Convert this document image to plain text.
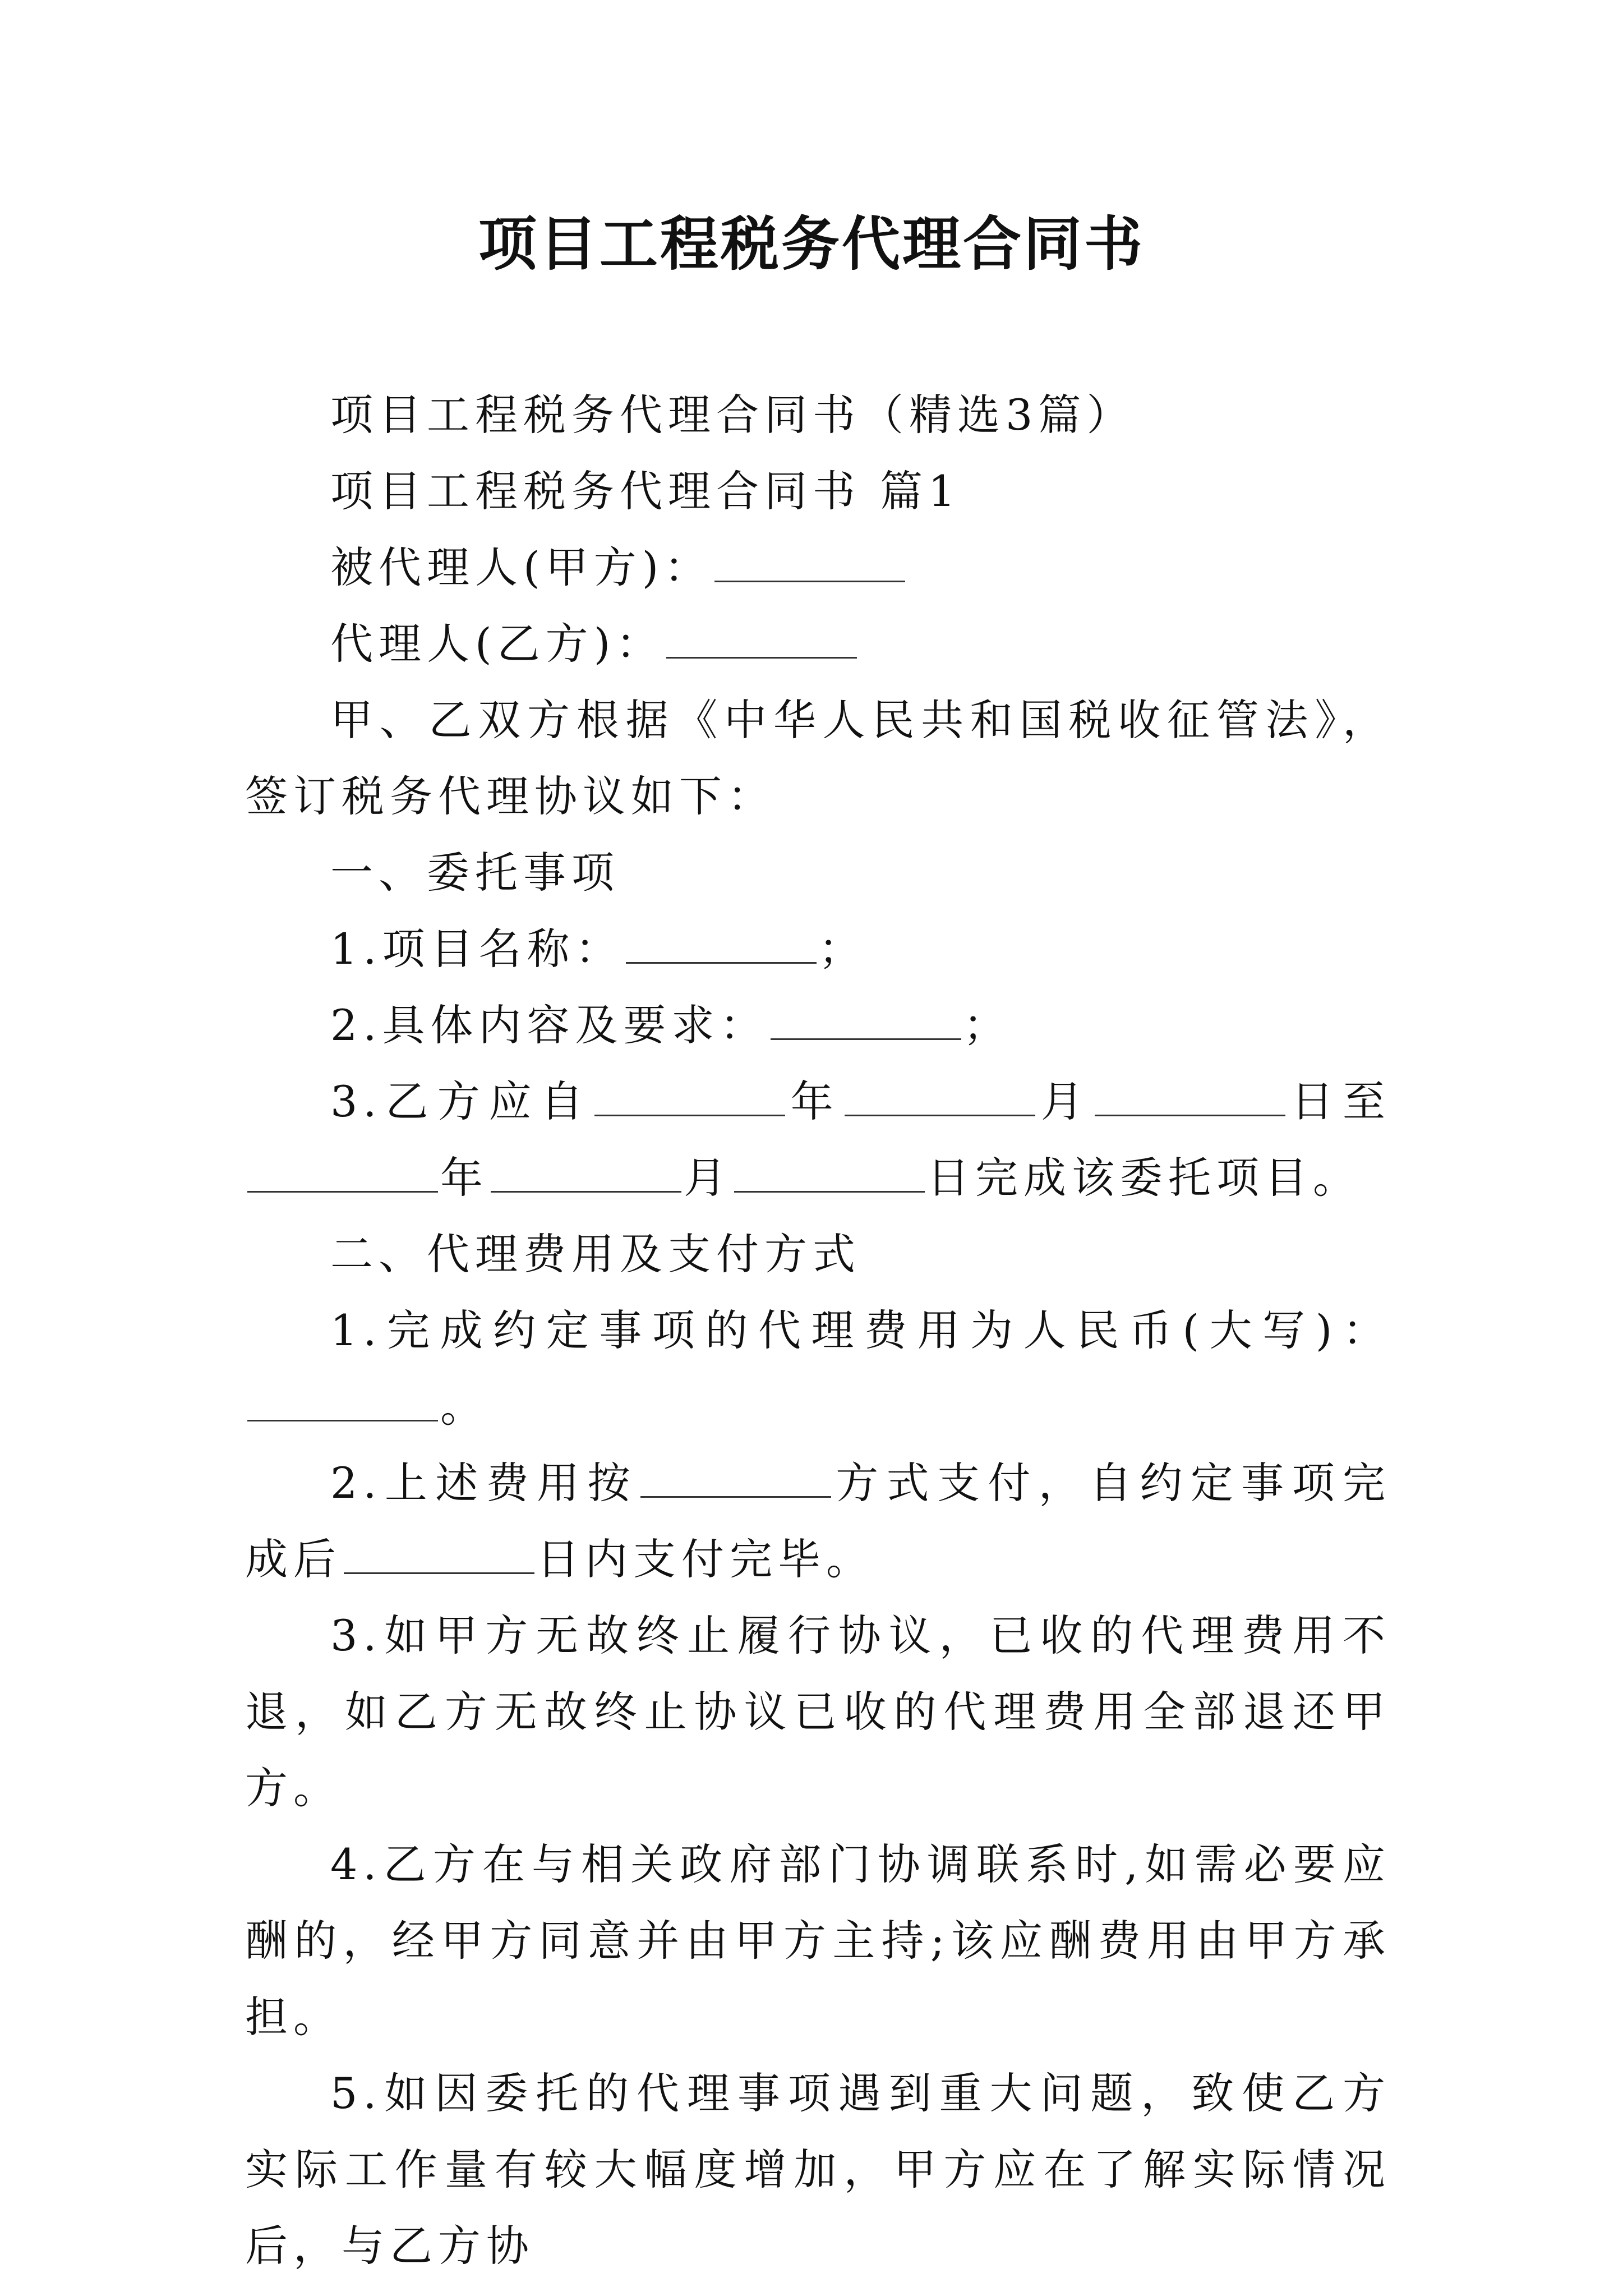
项目工程税务代理合同书

项目工程税务代理合同书（精选3篇）

项目工程税务代理合同书 篇1

被代理人(甲方)：

代理人(乙方)：

甲、乙双方根据《中华人民共和国税收征管法》，签订税务代理协议如下：

一、委托事项

1.项目名称：	；

2.具体内容及要求：	；

3.乙方应自	年	月	日至年	月	日完成该委托项目。

二、代理费用及支付方式

1.完成约定事项的代理费用为人民币(大写)：。

2.上述费用按	方式支付，自约定事项完成后	日内支付完毕。

3.如甲方无故终止履行协议，已收的代理费用不退，如乙方无故终止协议已收的代理费用全部退还甲方。

4.乙方在与相关政府部门协调联系时,如需必要应酬的，经甲方同意并由甲方主持;该应酬费用由甲方承担。

5.如因委托的代理事项遇到重大问题，致使乙方实际工作量有较大幅度增加，甲方应在了解实际情况后，与乙方协
